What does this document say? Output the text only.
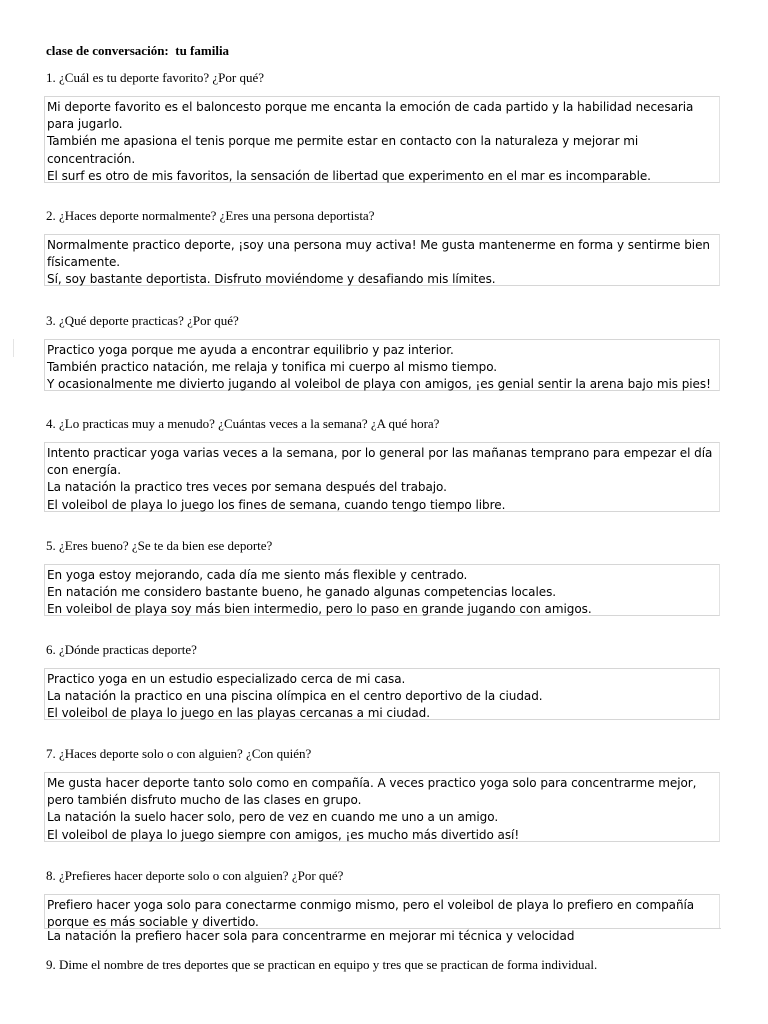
clase de conversación:  tu familia
1. ¿Cuál es tu deporte favorito? ¿Por qué?
Mi deporte favorito es el baloncesto porque me encanta la emoción de cada partido y la habilidad necesaria
para jugarlo.
También me apasiona el tenis porque me permite estar en contacto con la naturaleza y mejorar mi
concentración.
El surf es otro de mis favoritos, la sensación de libertad que experimento en el mar es incomparable.
2. ¿Haces deporte normalmente? ¿Eres una persona deportista?
Normalmente practico deporte, ¡soy una persona muy activa! Me gusta mantenerme en forma y sentirme bien
físicamente.
Sí, soy bastante deportista. Disfruto moviéndome y desafiando mis límites.
3. ¿Qué deporte practicas? ¿Por qué?
Practico yoga porque me ayuda a encontrar equilibrio y paz interior.
También practico natación, me relaja y tonifica mi cuerpo al mismo tiempo.
Y ocasionalmente me divierto jugando al voleibol de playa con amigos, ¡es genial sentir la arena bajo mis pies!
4. ¿Lo practicas muy a menudo? ¿Cuántas veces a la semana? ¿A qué hora?
Intento practicar yoga varias veces a la semana, por lo general por las mañanas temprano para empezar el día
con energía.
La natación la practico tres veces por semana después del trabajo.
El voleibol de playa lo juego los fines de semana, cuando tengo tiempo libre.
5. ¿Eres bueno? ¿Se te da bien ese deporte?
En yoga estoy mejorando, cada día me siento más flexible y centrado.
En natación me considero bastante bueno, he ganado algunas competencias locales.
En voleibol de playa soy más bien intermedio, pero lo paso en grande jugando con amigos.
6. ¿Dónde practicas deporte?
Practico yoga en un estudio especializado cerca de mi casa.
La natación la practico en una piscina olímpica en el centro deportivo de la ciudad.
El voleibol de playa lo juego en las playas cercanas a mi ciudad.
7. ¿Haces deporte solo o con alguien? ¿Con quién?
Me gusta hacer deporte tanto solo como en compañía. A veces practico yoga solo para concentrarme mejor,
pero también disfruto mucho de las clases en grupo.
La natación la suelo hacer solo, pero de vez en cuando me uno a un amigo.
El voleibol de playa lo juego siempre con amigos, ¡es mucho más divertido así!
8. ¿Prefieres hacer deporte solo o con alguien? ¿Por qué?
Prefiero hacer yoga solo para conectarme conmigo mismo, pero el voleibol de playa lo prefiero en compañía
porque es más sociable y divertido.
La natación la prefiero hacer sola para concentrarme en mejorar mi técnica y velocidad
9. Dime el nombre de tres deportes que se practican en equipo y tres que se practican de forma individual.
